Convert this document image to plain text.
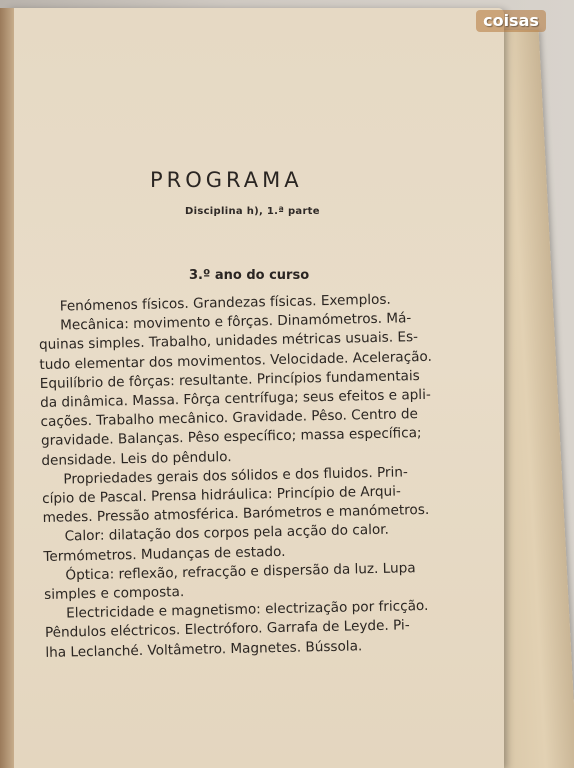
coisas
PROGRAMA
Disciplina h), 1.ª parte
3.º ano do curso
Fenómenos físicos. Grandezas físicas. Exemplos.
Mecânica: movimento e fôrças. Dinamómetros. Má-
quinas simples. Trabalho, unidades métricas usuais. Es-
tudo elementar dos movimentos. Velocidade. Aceleração.
Equilíbrio de fôrças: resultante. Princípios fundamentais
da dinâmica. Massa. Fôrça centrífuga; seus efeitos e apli-
cações. Trabalho mecânico. Gravidade. Pêso. Centro de
gravidade. Balanças. Pêso específico; massa específica;
densidade. Leis do pêndulo.
Propriedades gerais dos sólidos e dos fluidos. Prin-
cípio de Pascal. Prensa hidráulica: Princípio de Arqui-
medes. Pressão atmosférica. Barómetros e manómetros.
Calor: dilatação dos corpos pela acção do calor.
Termómetros. Mudanças de estado.
Óptica: reflexão, refracção e dispersão da luz. Lupa
simples e composta.
Electricidade e magnetismo: electrização por fricção.
Pêndulos eléctricos. Electróforo. Garrafa de Leyde. Pi-
lha Leclanché. Voltâmetro. Magnetes. Bússola.
